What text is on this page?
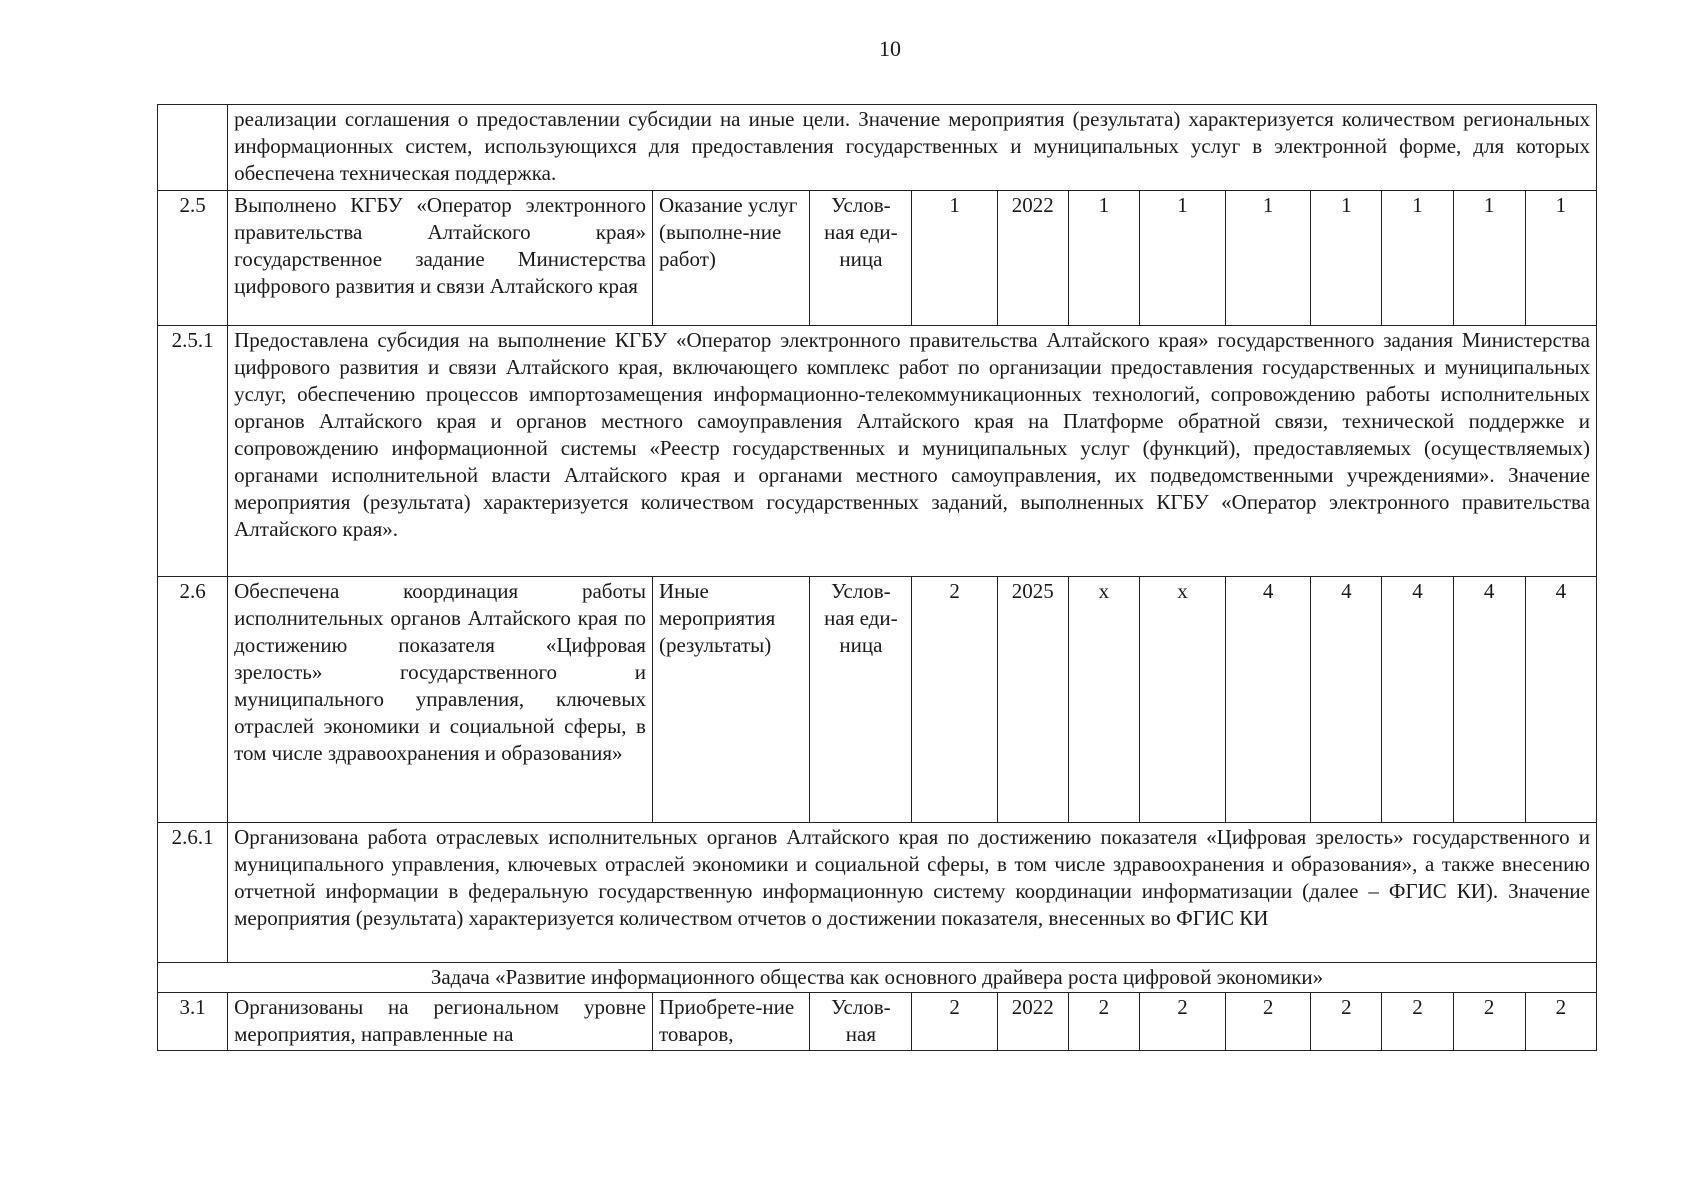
10
	реализации соглашения о предоставлении субсидии на иные цели. Значение мероприятия (результата) характеризуется количеством региональных информационных систем, использующихся для предоставления государственных и муниципальных услуг в электронной форме, для которых обеспечена техническая поддержка.											
2.5	Выполнено КГБУ «Оператор электронного правительства Алтайского края» государственное задание Министерства цифрового развития и связи Алтайского края	Оказание услуг (выполне-ние работ)	Услов-ная еди-ница	1	2022	1	1	1	1	1	1	1
2.5.1	Предоставлена субсидия на выполнение КГБУ «Оператор электронного правительства Алтайского края» государственного задания Министерства цифрового развития и связи Алтайского края, включающего комплекс работ по организации предоставления государственных и муниципальных услуг, обеспечению процессов импортозамещения информационно-телекоммуникационных технологий, сопровождению работы исполнительных органов Алтайского края и органов местного самоуправления Алтайского края на Платформе обратной связи, технической поддержке и сопровождению информационной системы «Реестр государственных и муниципальных услуг (функций), предоставляемых (осуществляемых) органами исполнительной власти Алтайского края и органами местного самоуправления, их подведомственными учреждениями». Значение мероприятия (результата) характеризуется количеством государственных заданий, выполненных КГБУ «Оператор электронного правительства Алтайского края».											
2.6	Обеспечена координация работы исполнительных органов Алтайского края по достижению показателя «Цифровая зрелость» государственного и муниципального управления, ключевых отраслей экономики и социальной сферы, в том числе здравоохранения и образования»	Иные мероприятия (результаты)	Услов-ная еди-ница	2	2025	х	х	4	4	4	4	4
2.6.1	Организована работа отраслевых исполнительных органов Алтайского края по достижению показателя «Цифровая зрелость» государственного и муниципального управления, ключевых отраслей экономики и социальной сферы, в том числе здравоохранения и образования», а также внесению отчетной информации в федеральную государственную информационную систему координации информатизации (далее – ФГИС КИ). Значение мероприятия (результата) характеризуется количеством отчетов о достижении показателя, внесенных во ФГИС КИ											
Задача «Развитие информационного общества как основного драйвера роста цифровой экономики»												
3.1	Организованы на региональном уровне мероприятия, направленные на	Приобрете-ние товаров,	Услов-ная	2	2022	2	2	2	2	2	2	2
